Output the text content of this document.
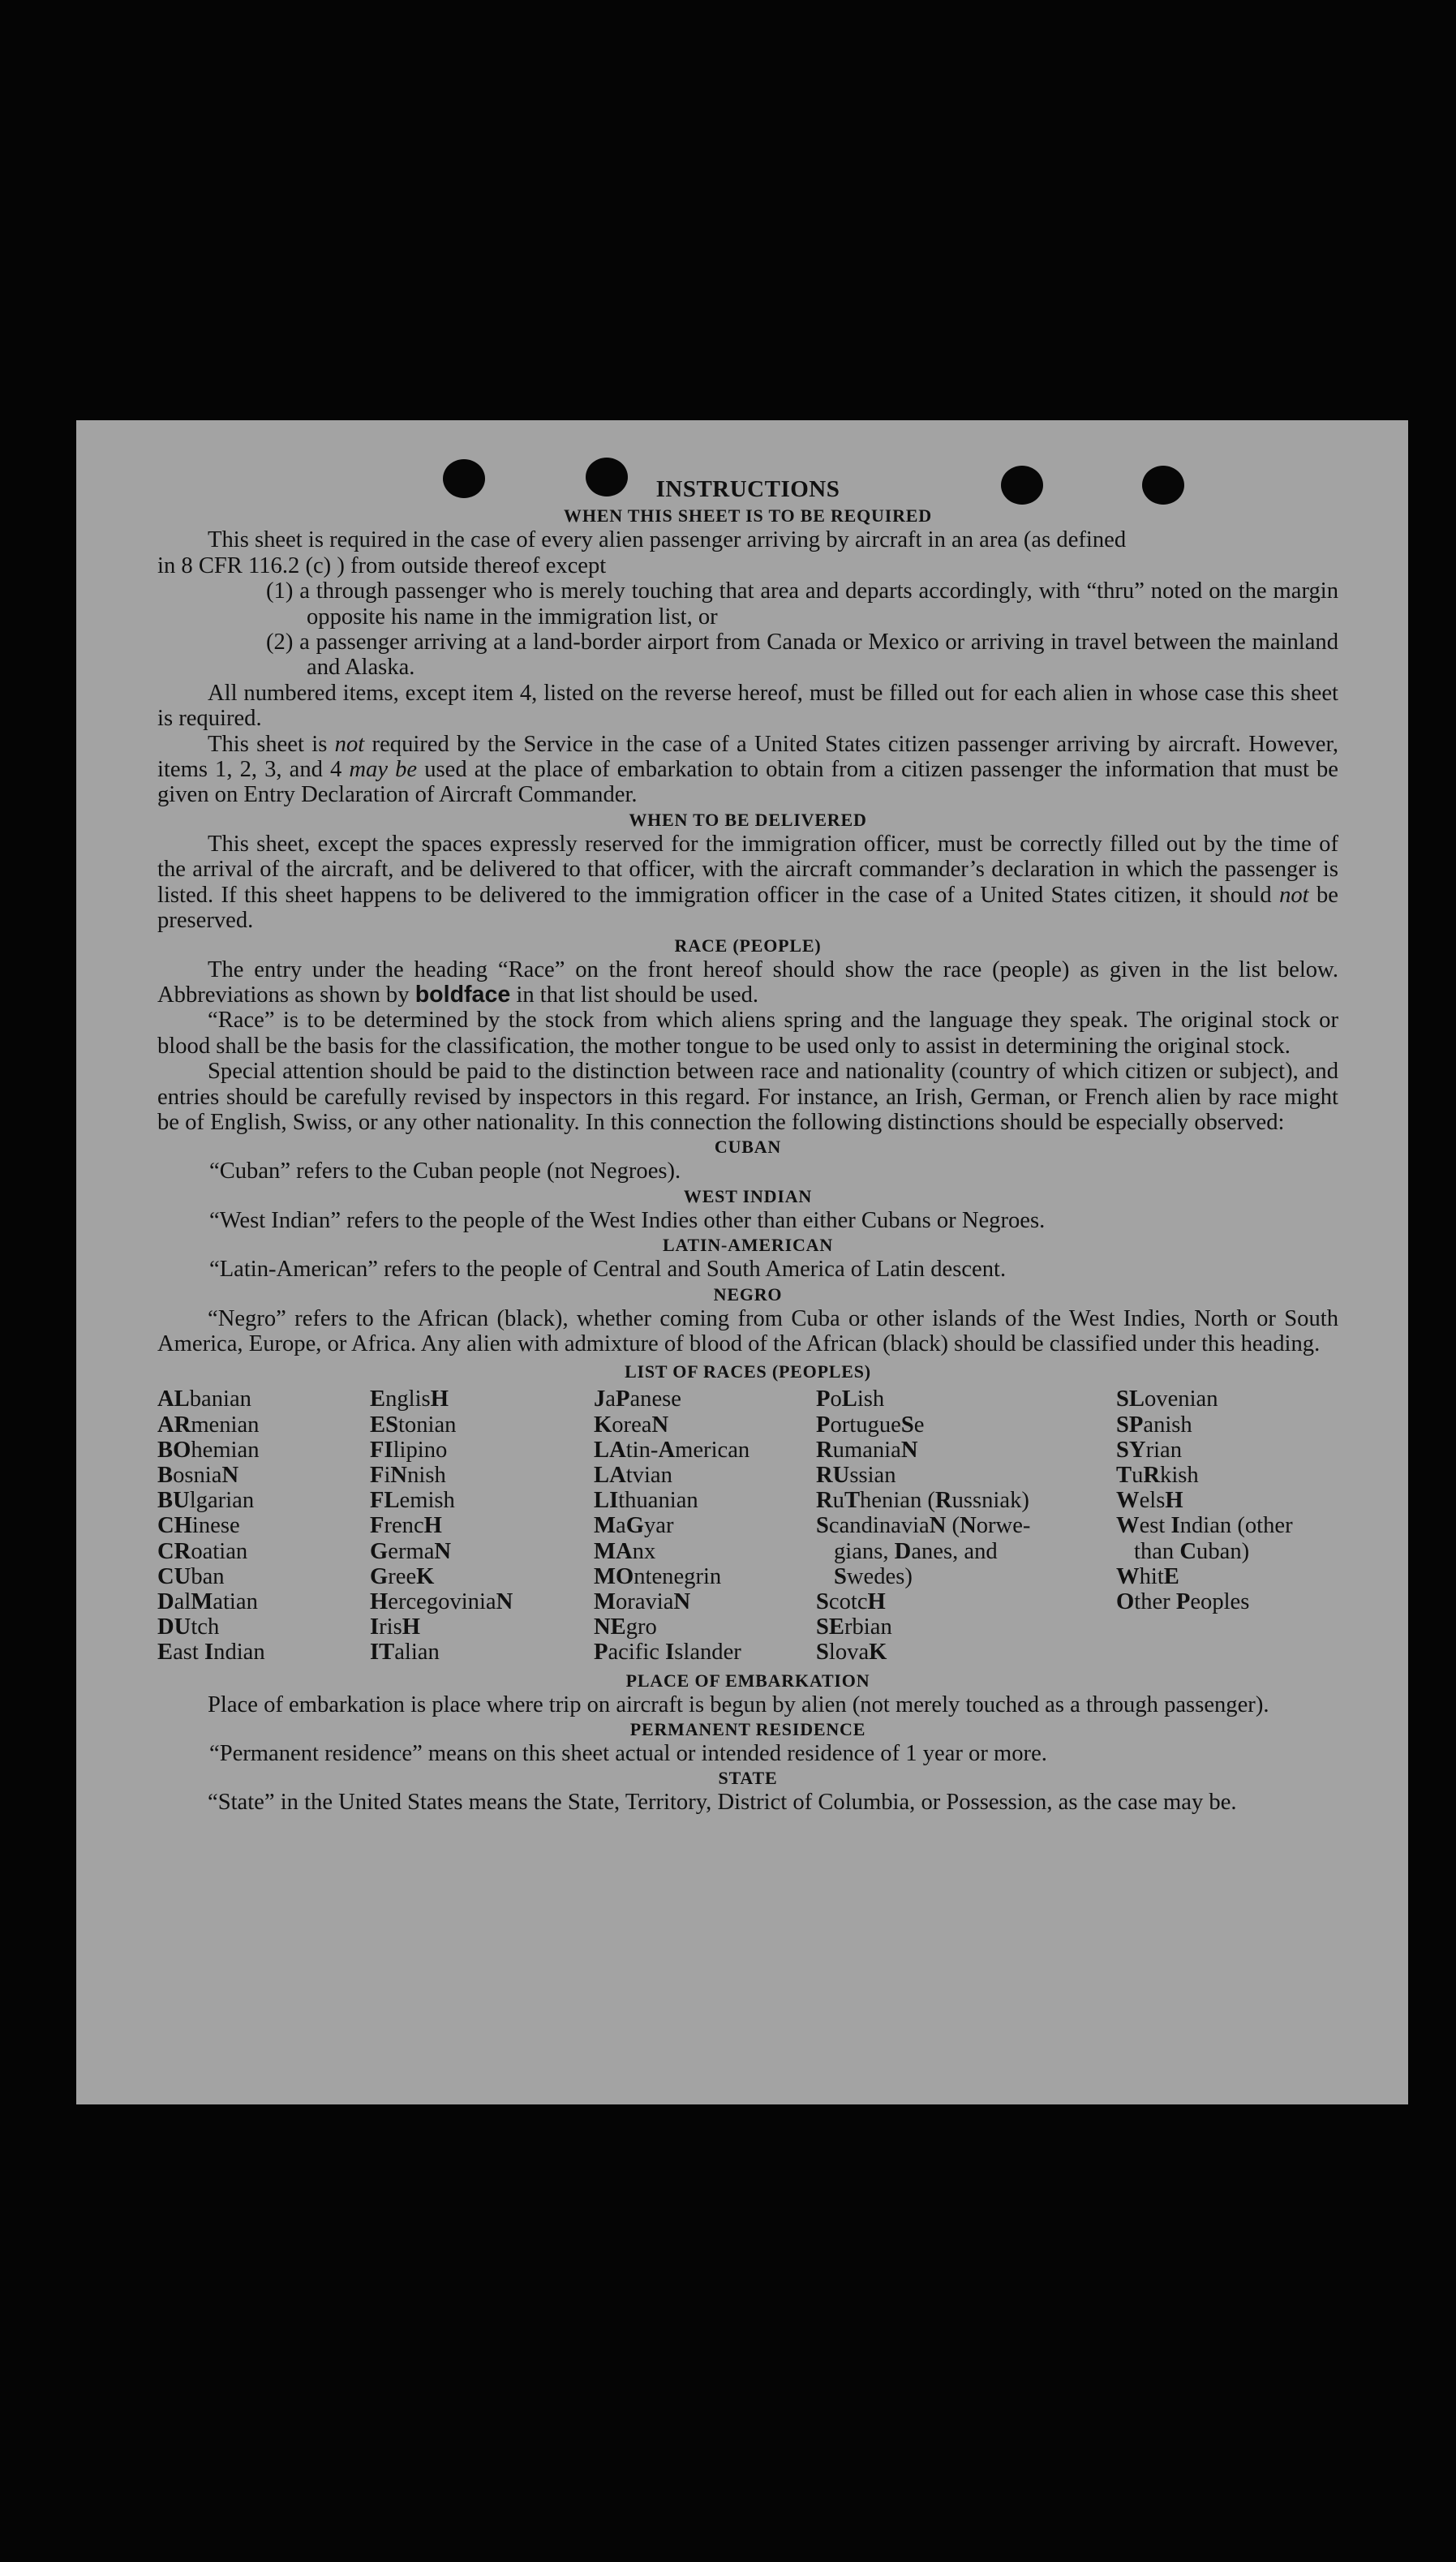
INSTRUCTIONS
WHEN THIS SHEET IS TO BE REQUIRED

This sheet is required in the case of every alien passenger arriving by aircraft in an area (as defined
in 8 CFR 116.2 (c) ) from outside thereof except

(1) a through passenger who is merely touching that area and departs accordingly, with “thru” noted on the margin opposite his name in the immigration list, or
(2) a passenger arriving at a land-border airport from Canada or Mexico or arriving in travel between the mainland and Alaska.

All numbered items, except item 4, listed on the reverse hereof, must be filled out for each alien in whose case this sheet is required.

This sheet is not required by the Service in the case of a United States citizen passenger arriving by aircraft. However, items 1, 2, 3, and 4 may be used at the place of embarkation to obtain from a citizen passenger the information that must be given on Entry Declaration of Aircraft Commander.

WHEN TO BE DELIVERED

This sheet, except the spaces expressly reserved for the immigration officer, must be correctly filled out by the time of the arrival of the aircraft, and be delivered to that officer, with the aircraft commander’s declaration in which the passenger is listed. If this sheet happens to be delivered to the immigration officer in the case of a United States citizen, it should not be preserved.

RACE (PEOPLE)

The entry under the heading “Race” on the front hereof should show the race (people) as given in the list below. Abbreviations as shown by boldface in that list should be used.

“Race” is to be determined by the stock from which aliens spring and the language they speak. The original stock or blood shall be the basis for the classification, the mother tongue to be used only to assist in determining the original stock.

Special attention should be paid to the distinction between race and nationality (country of which citizen or subject), and entries should be carefully revised by inspectors in this regard. For instance, an Irish, German, or French alien by race might be of English, Swiss, or any other nationality. In this connection the following distinctions should be especially observed:

CUBAN

“Cuban” refers to the Cuban people (not Negroes).

WEST INDIAN

“West Indian” refers to the people of the West Indies other than either Cubans or Negroes.

LATIN-AMERICAN

“Latin-American” refers to the people of Central and South America of Latin descent.

NEGRO

“Negro” refers to the African (black), whether coming from Cuba or other islands of the West Indies, North or South America, Europe, or Africa. Any alien with admixture of blood of the African (black) should be classified under this heading.

LIST OF RACES (PEOPLES)
ALbanian
ARmenian
BOhemian
BosniaN
BUlgarian
CHinese
CRoatian
CUban
DalMatian
DUtch
East Indian
EnglisH
EStonian
FIlipino
FiNnish
FLemish
FrencH
GermaN
GreeK
HercegoviniaN
IrisH
ITalian
JaPanese
KoreaN
LAtin-American
LAtvian
LIthuanian
MaGyar
MAnx
MOntenegrin
MoraviaN
NEgro
Pacific Islander
PoLish
PortugueSe
RumaniaN
RUssian
RuThenian (Russniak)
ScandinaviaN (Norwe-
gians, Danes, and
Swedes)
ScotcH
SErbian
SlovaK
SLovenian
SPanish
SYrian
TuRkish
WelsH
West Indian (other
than Cuban)
WhitE
Other Peoples
PLACE OF EMBARKATION

Place of embarkation is place where trip on aircraft is begun by alien (not merely touched as a through passenger).

PERMANENT RESIDENCE

“Permanent residence” means on this sheet actual or intended residence of 1 year or more.

STATE

“State” in the United States means the State, Territory, District of Columbia, or Possession, as the case may be.
